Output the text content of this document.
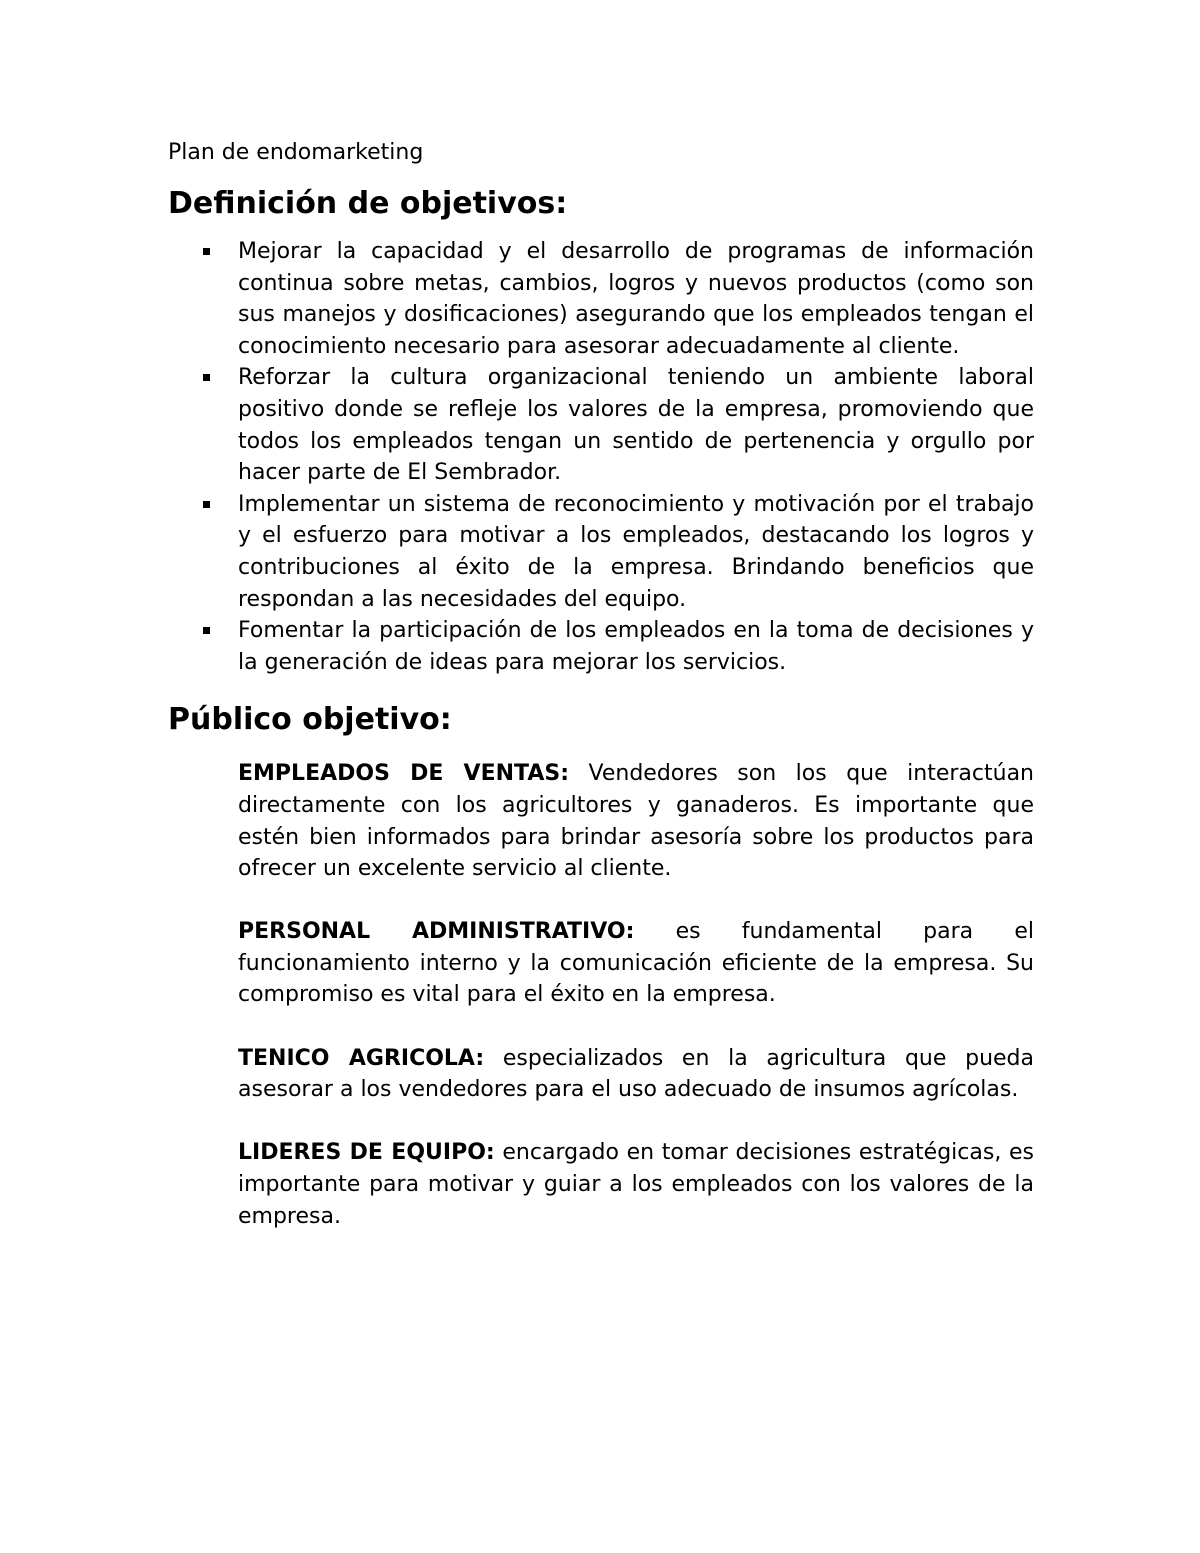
Plan de endomarketing

Definición de objetivos:
Mejorar la capacidad y el desarrollo de programas de información continua sobre metas, cambios, logros y nuevos productos (como son sus manejos y dosificaciones) asegurando que los empleados tengan el conocimiento necesario para asesorar adecuadamente al cliente.
Reforzar la cultura organizacional teniendo un ambiente laboral positivo donde se refleje los valores de la empresa, promoviendo que todos los empleados tengan un sentido de pertenencia y orgullo por hacer parte de El Sembrador.
Implementar un sistema de reconocimiento y motivación por el trabajo y el esfuerzo para motivar a los empleados, destacando los logros y contribuciones al éxito de la empresa. Brindando beneficios que respondan a las necesidades del equipo.
Fomentar la participación de los empleados en la toma de decisiones y la generación de ideas para mejorar los servicios.
Público objetivo:

EMPLEADOS DE VENTAS: Vendedores son los que interactúan directamente con los agricultores y ganaderos. Es importante que estén bien informados para brindar asesoría sobre los productos para ofrecer un excelente servicio al cliente.

PERSONAL ADMINISTRATIVO: es fundamental para el funcionamiento interno y la comunicación eficiente de la empresa. Su compromiso es vital para el éxito en la empresa.

TENICO AGRICOLA: especializados en la agricultura que pueda asesorar a los vendedores para el uso adecuado de insumos agrícolas.

LIDERES DE EQUIPO: encargado en tomar decisiones estratégicas, es importante para motivar y guiar a los empleados con los valores de la empresa.
